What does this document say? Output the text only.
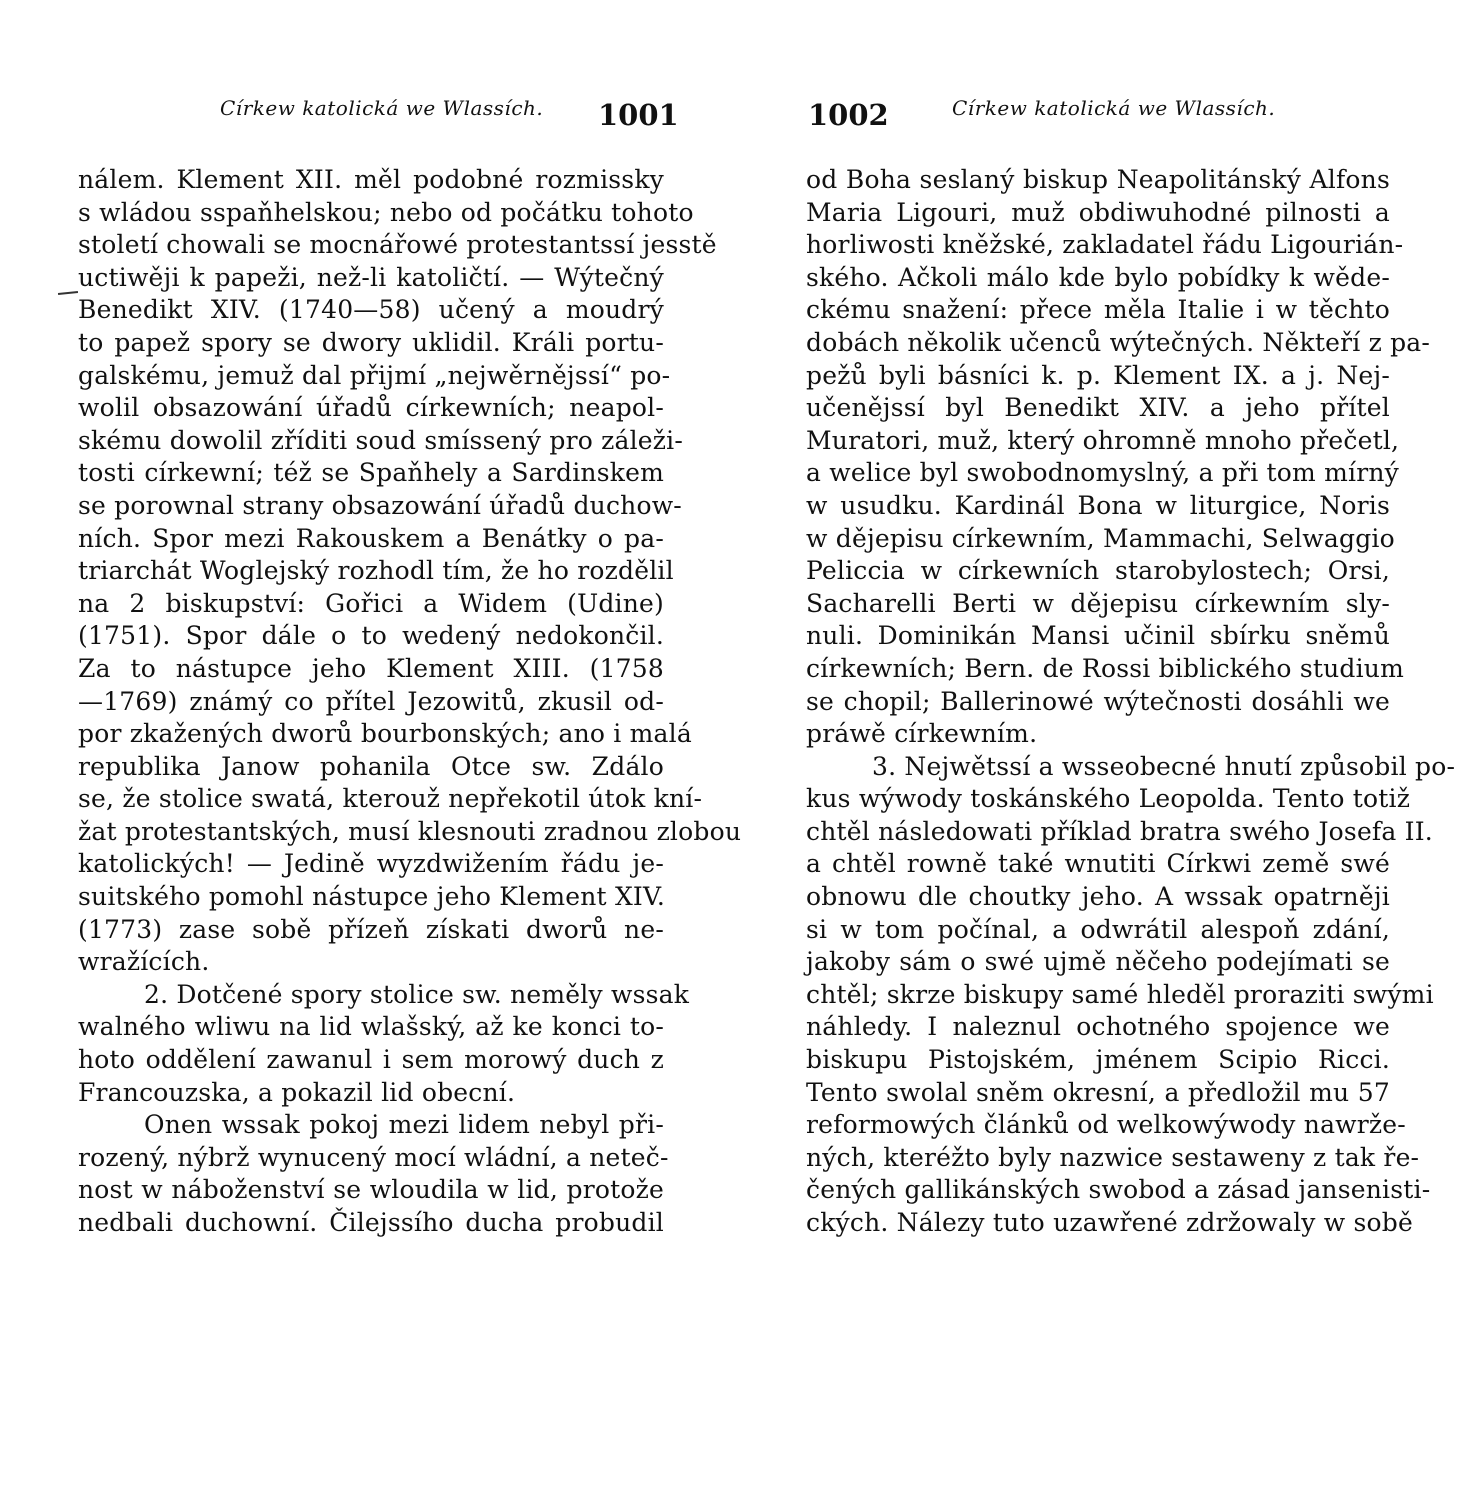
Církew katolická we Wlassích. 1001
nálem. Klement XII. měl podobné rozmissky
s wládou sspaňhelskou; nebo od počátku tohoto
století chowali se mocnářowé protestantssí jesstě
uctiwěji k papeži, než-li katoličtí. — Wýtečný
Benedikt XIV. (1740—58) učený a moudrý
to papež spory se dwory uklidil. Králi portu-
galskému, jemuž dal přijmí „nejwěrnějssí“ po-
wolil obsazowání úřadů církewních; neapol-
skému dowolil zříditi soud smíssený pro záleži-
tosti církewní; též se Spaňhely a Sardinskem
se porownal strany obsazowání úřadů duchow-
ních. Spor mezi Rakouskem a Benátky o pa-
triarchát Woglejský rozhodl tím, že ho rozdělil
na 2 biskupství: Gořici a Widem (Udine)
(1751). Spor dále o to wedený nedokončil.
Za to nástupce jeho Klement XIII. (1758
—1769) známý co přítel Jezowitů, zkusil od-
por zkažených dworů bourbonských; ano i malá
republika Janow pohanila Otce sw. Zdálo
se, že stolice swatá, kterouž nepřekotil útok kní-
žat protestantských, musí klesnouti zradnou zlobou
katolických! — Jedině wyzdwižením řádu je-
suitského pomohl nástupce jeho Klement XIV.
(1773) zase sobě přízeň získati dworů ne-
wražících.
2. Dotčené spory stolice sw. neměly wssak
walného wliwu na lid wlašský, až ke konci to-
hoto oddělení zawanul i sem morowý duch z
Francouzska, a pokazil lid obecní.
Onen wssak pokoj mezi lidem nebyl při-
rozený, nýbrž wynucený mocí wládní, a neteč-
nost w náboženství se wloudila w lid, protože
nedbali duchowní. Čilejssího ducha probudil
1002	Církew katolická we Wlassích.
od Boha seslaný biskup Neapolitánský Alfons
Maria Ligouri, muž obdiwuhodné pilnosti a
horliwosti kněžské, zakladatel řádu Ligourián-
ského. Ačkoli málo kde bylo pobídky k wěde-
ckému snažení: přece měla Italie i w těchto
dobách několik učenců wýtečných. Někteří z pa-
pežů byli básníci k. p. Klement IX. a j. Nej-
učenějssí byl Benedikt XIV. a jeho přítel
Muratori, muž, který ohromně mnoho přečetl,
a welice byl swobodnomyslný, a při tom mírný
w usudku. Kardinál Bona w liturgice, Noris
w dějepisu církewním, Mammachi, Selwaggio
Peliccia w církewních starobylostech; Orsi,
Sacharelli Berti w dějepisu církewním sly-
nuli. Dominikán Mansi učinil sbírku sněmů
církewních; Bern. de Rossi biblického studium
se chopil; Ballerinowé wýtečnosti dosáhli we
práwě církewním.
3. Nejwětssí a wsseobecné hnutí způsobil po-
kus wýwody toskánského Leopolda. Tento totiž
chtěl následowati příklad bratra swého Josefa II.
a chtěl rowně také wnutiti Církwi země swé
obnowu dle choutky jeho. A wssak opatrněji
si w tom počínal, a odwrátil alespoň zdání,
jakoby sám o swé ujmě něčeho podejímati se
chtěl; skrze biskupy samé hleděl proraziti swými
náhledy. I naleznul ochotného spojence we
biskupu Pistojském, jménem Scipio Ricci.
Tento swolal sněm okresní, a předložil mu 57
reformowých článků od welkowýwody nawrže-
ných, kteréžto byly nazwice sestaweny z tak ře-
čených gallikánských swobod a zásad jansenisti-
ckých. Nálezy tuto uzawřené zdržowaly w sobě
